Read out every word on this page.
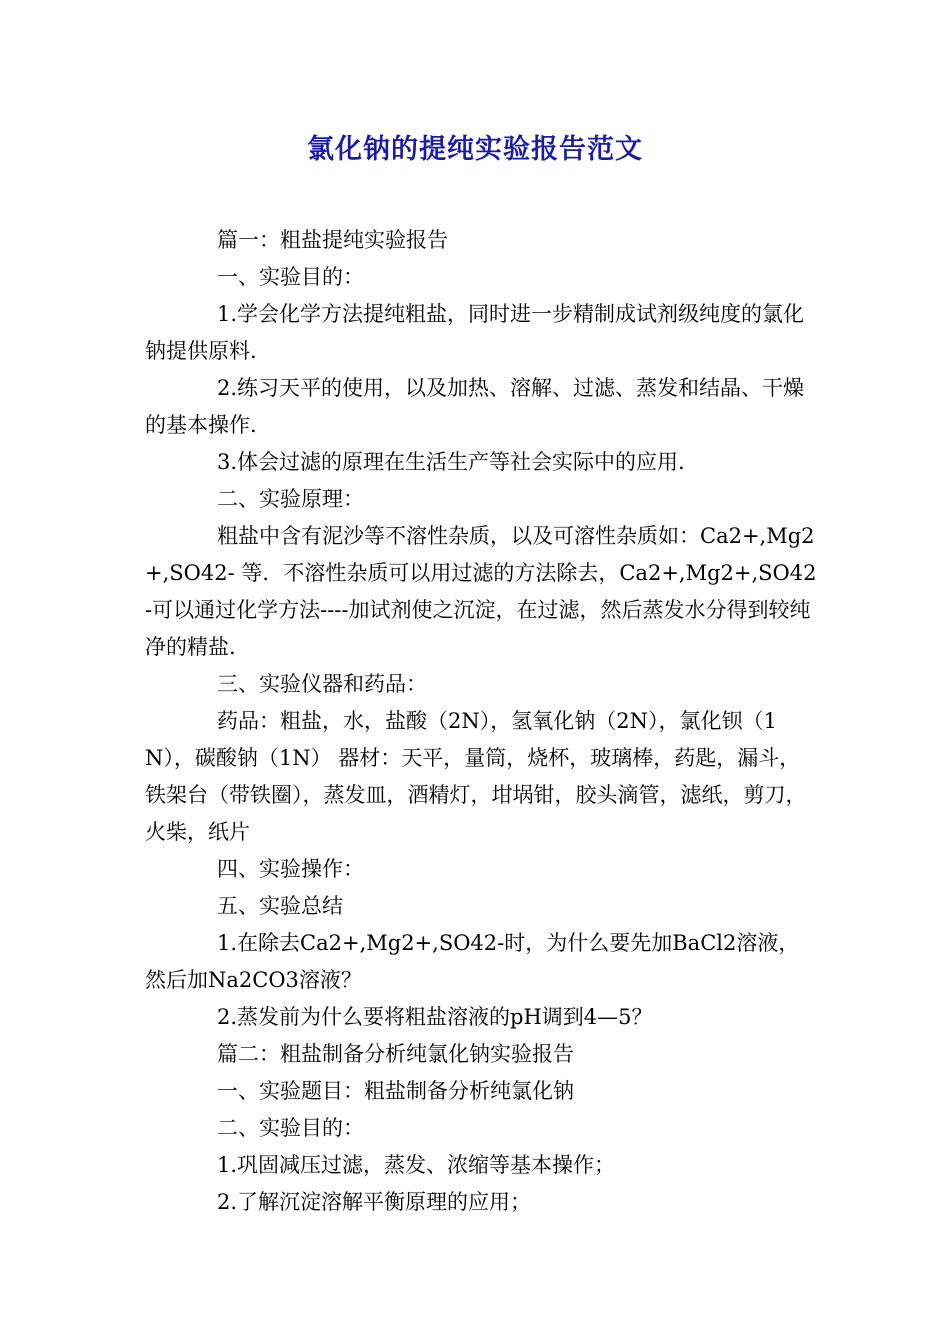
氯化钠的提纯实验报告范文

篇一：粗盐提纯实验报告

一、实验目的：

1.学会化学方法提纯粗盐，同时进一步精制成试剂级纯度的氯化钠提供原料.

2.练习天平的使用，以及加热、溶解、过滤、蒸发和结晶、干燥的基本操作.

3.体会过滤的原理在生活生产等社会实际中的应用.

二、实验原理：

粗盐中含有泥沙等不溶性杂质，以及可溶性杂质如：Ca2+,Mg2+,SO42- 等．不溶性杂质可以用过滤的方法除去，Ca2+,Mg2+,SO42-可以通过化学方法----加试剂使之沉淀，在过滤，然后蒸发水分得到较纯净的精盐.

三、实验仪器和药品：

药品：粗盐，水，盐酸（2N），氢氧化钠（2N），氯化钡（1N），碳酸钠（1N） 器材：天平，量筒，烧杯，玻璃棒，药匙，漏斗，铁架台（带铁圈），蒸发皿，酒精灯，坩埚钳，胶头滴管，滤纸，剪刀，火柴，纸片

四、实验操作：

五、实验总结

1.在除去Ca2+,Mg2+,SO42-时，为什么要先加BaCl2溶液，然后加Na2CO3溶液？

2.蒸发前为什么要将粗盐溶液的pH调到4—5？

篇二：粗盐制备分析纯氯化钠实验报告

一、实验题目：粗盐制备分析纯氯化钠

二、实验目的：

1.巩固减压过滤，蒸发、浓缩等基本操作；

2.了解沉淀溶解平衡原理的应用；
